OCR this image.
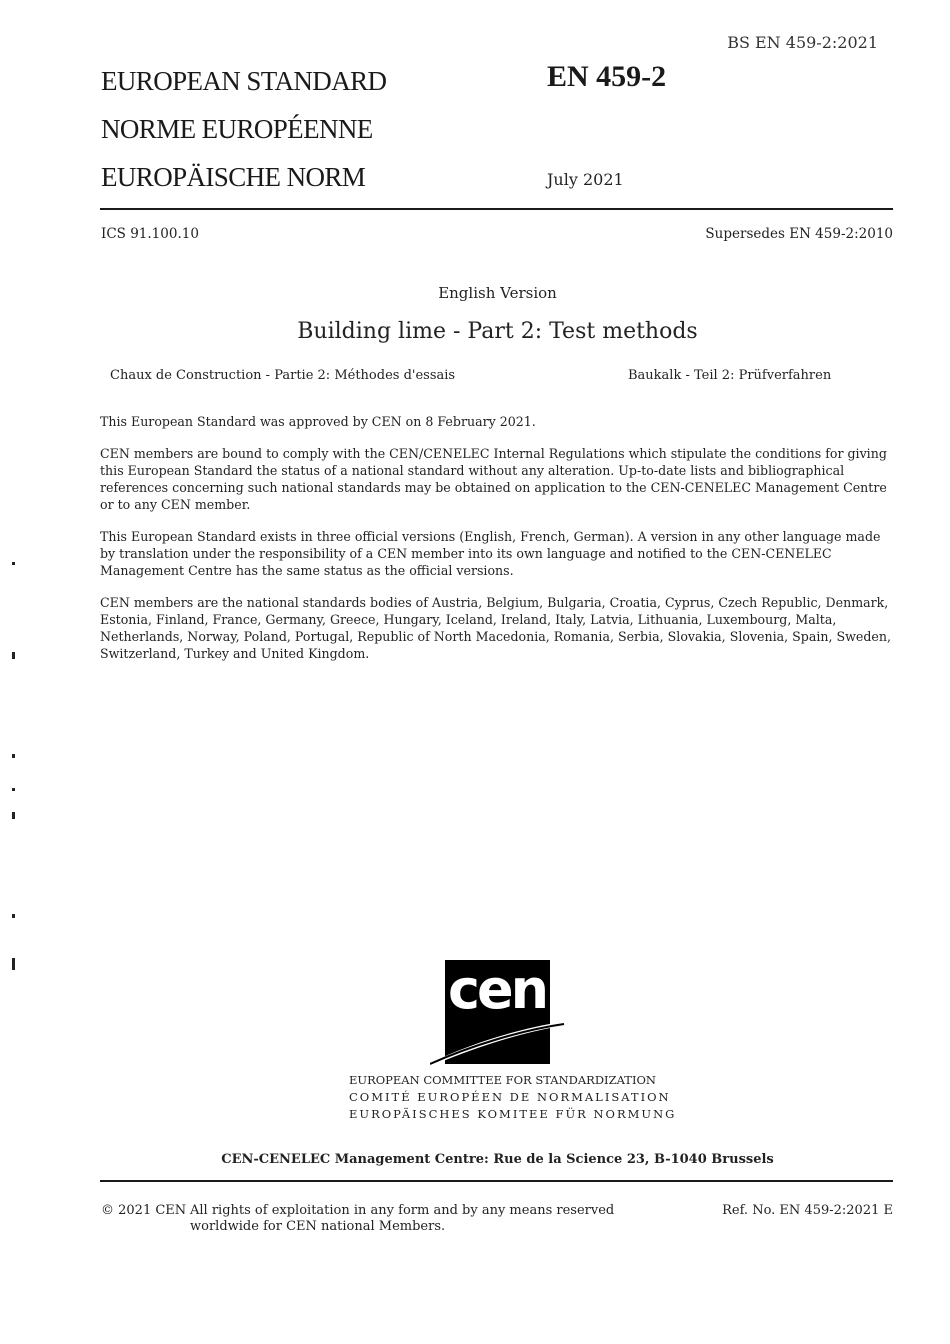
BS EN 459-2:2021
EUROPEAN STANDARD
NORME EUROPÉENNE
EUROPÄISCHE NORM
EN 459-2
July 2021
ICS 91.100.10	Supersedes EN 459-2:2010
English Version
Building lime - Part 2: Test methods
Chaux de Construction - Partie 2: Méthodes d'essais	Baukalk - Teil 2: Prüfverfahren
This European Standard was approved by CEN on 8 February 2021.
CEN members are bound to comply with the CEN/CENELEC Internal Regulations which stipulate the conditions for giving this European Standard the status of a national standard without any alteration. Up-to-date lists and bibliographical references concerning such national standards may be obtained on application to the CEN-CENELEC Management Centre or to any CEN member.
This European Standard exists in three official versions (English, French, German). A version in any other language made by translation under the responsibility of a CEN member into its own language and notified to the CEN-CENELEC Management Centre has the same status as the official versions.
CEN members are the national standards bodies of Austria, Belgium, Bulgaria, Croatia, Cyprus, Czech Republic, Denmark, Estonia, Finland, France, Germany, Greece, Hungary, Iceland, Ireland, Italy, Latvia, Lithuania, Luxembourg, Malta, Netherlands, Norway, Poland, Portugal, Republic of North Macedonia, Romania, Serbia, Slovakia, Slovenia, Spain, Sweden, Switzerland, Turkey and United Kingdom.
cen
EUROPEAN COMMITTEE FOR STANDARDIZATION
COMITÉ EUROPÉEN DE NORMALISATION
EUROPÄISCHES KOMITEE FÜR NORMUNG
CEN-CENELEC Management Centre: Rue de la Science 23, B-1040 Brussels
© 2021 CEN All rights of exploitation in any form and by any means reserved
worldwide for CEN national Members.
Ref. No. EN 459-2:2021 E
